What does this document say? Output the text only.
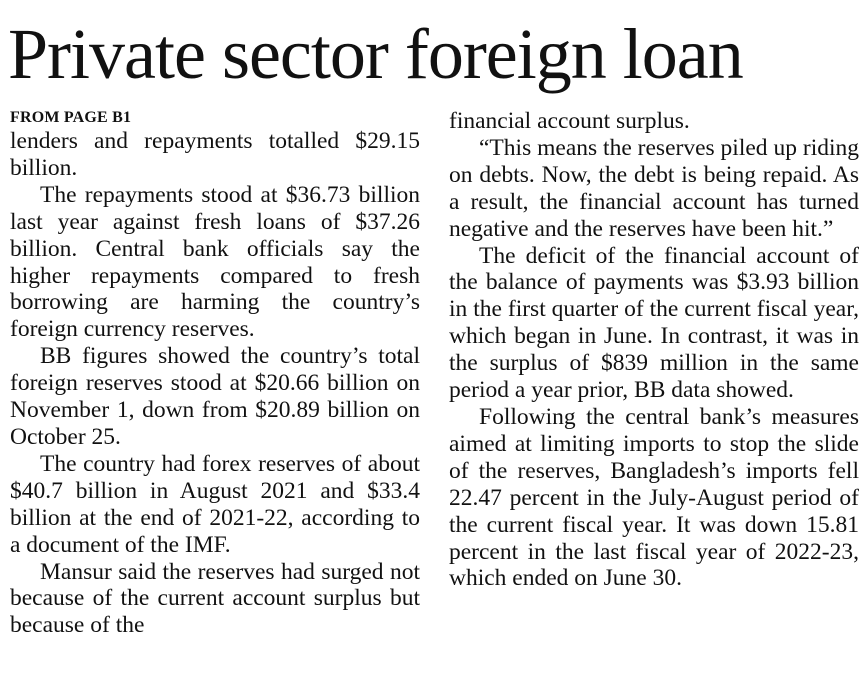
Private sector foreign loan
FROM PAGE B1

lenders and repayments totalled $29.15 billion.

The repayments stood at $36.73 billion last year against fresh loans of $37.26 billion. Central bank officials say the higher repayments compared to fresh borrowing are harming the country’s foreign currency reserves.

BB figures showed the country’s total foreign reserves stood at $20.66 billion on November 1, down from $20.89 billion on October 25.

The country had forex reserves of about $40.7 billion in August 2021 and $33.4 billion at the end of 2021-22, according to a document of the IMF.

Mansur said the reserves had surged not because of the current account surplus but because of the

financial account surplus.

“This means the reserves piled up riding on debts. Now, the debt is being repaid. As a result, the financial account has turned negative and the reserves have been hit.”

The deficit of the financial account of the balance of payments was $3.93 billion in the first quarter of the current fiscal year, which began in June. In contrast, it was in the surplus of $839 million in the same period a year prior, BB data showed.

Following the central bank’s measures aimed at limiting imports to stop the slide of the reserves, Bangladesh’s imports fell 22.47 percent in the July-August period of the current fiscal year. It was down 15.81 percent in the last fiscal year of 2022-23, which ended on June 30.
